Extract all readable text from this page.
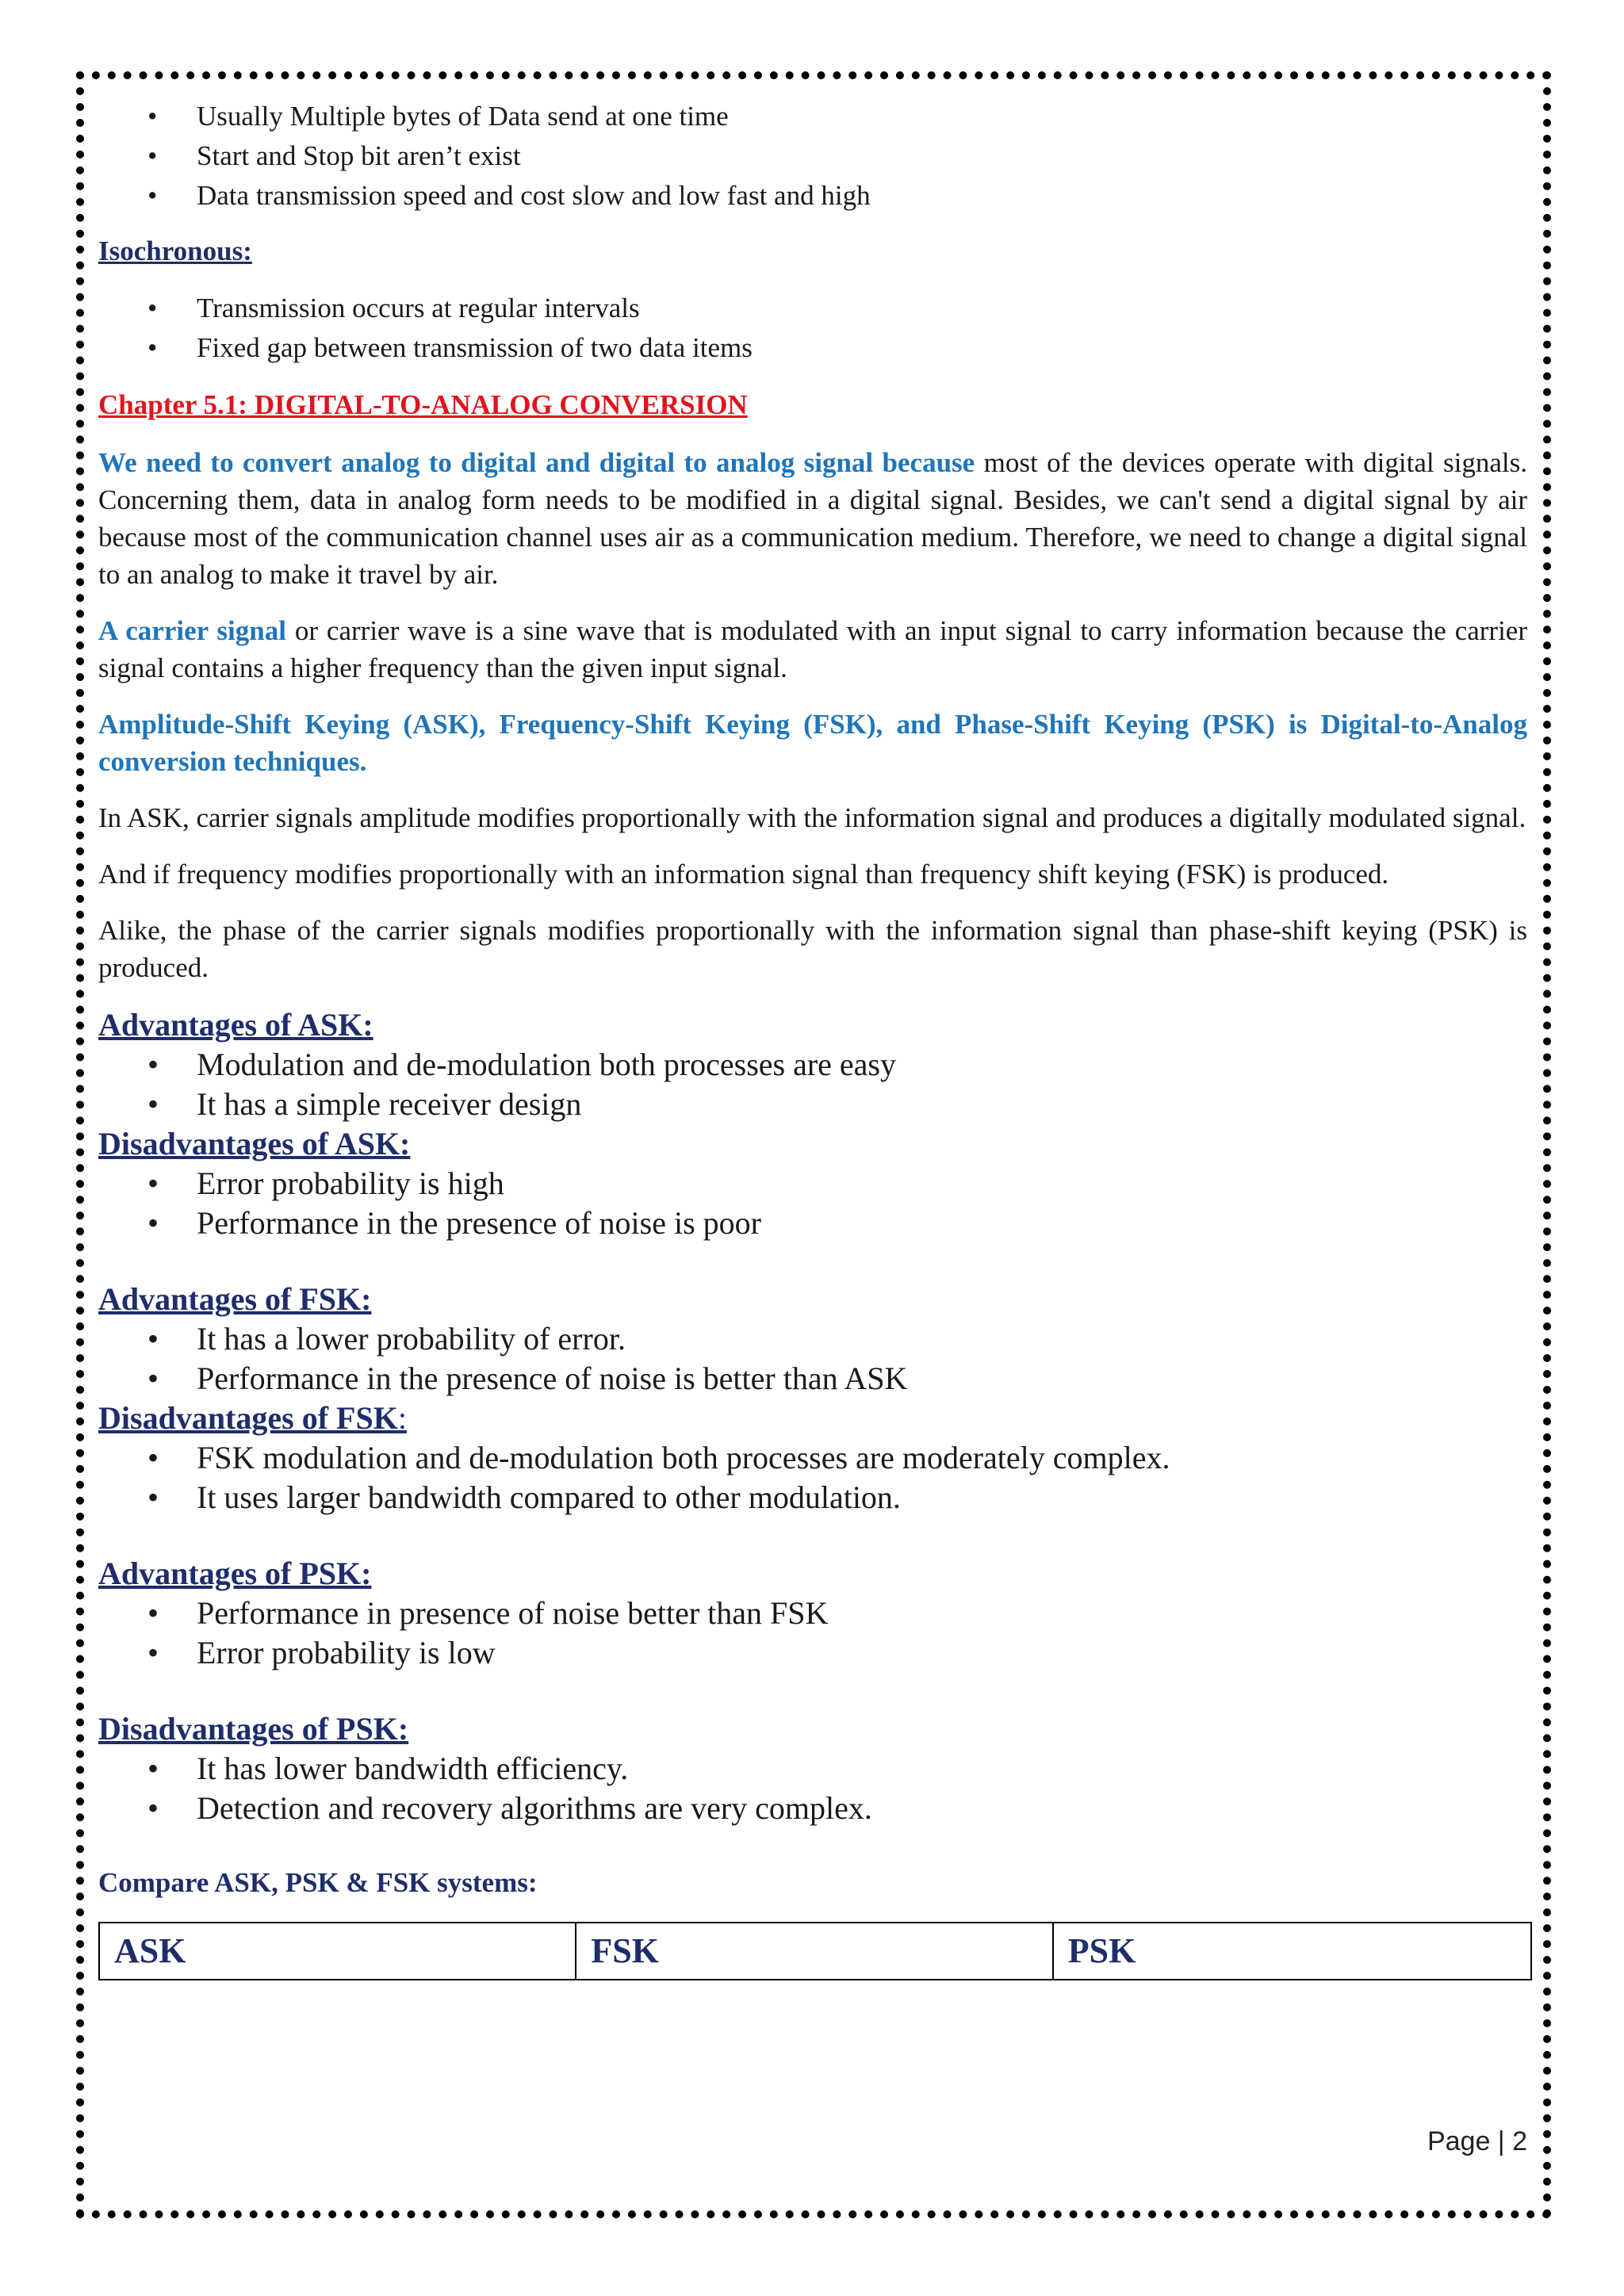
• Usually Multiple bytes of Data send at one time
• Start and Stop bit aren’t exist
• Data transmission speed and cost slow and low fast and high
Isochronous:
• Transmission occurs at regular intervals
• Fixed gap between transmission of two data items
Chapter 5.1: DIGITAL-TO-ANALOG CONVERSION

We need to convert analog to digital and digital to analog signal because most of the devices operate with digital signals. Concerning them, data in analog form needs to be modified in a digital signal. Besides, we can't send a digital signal by air because most of the communication channel uses air as a communication medium. Therefore, we need to change a digital signal to an analog to make it travel by air.

A carrier signal or carrier wave is a sine wave that is modulated with an input signal to carry information because the carrier signal contains a higher frequency than the given input signal.

Amplitude-Shift Keying (ASK), Frequency-Shift Keying (FSK), and Phase-Shift Keying (PSK) is Digital-to-Analog conversion techniques.

In ASK, carrier signals amplitude modifies proportionally with the information signal and produces a digitally modulated signal.

And if frequency modifies proportionally with an information signal than frequency shift keying (FSK) is produced.

Alike, the phase of the carrier signals modifies proportionally with the information signal than phase-shift keying (PSK) is produced.

Advantages of ASK:
• Modulation and de-modulation both processes are easy
• It has a simple receiver design
Disadvantages of ASK:
• Error probability is high
• Performance in the presence of noise is poor
Advantages of FSK:
• It has a lower probability of error.
• Performance in the presence of noise is better than ASK
Disadvantages of FSK:
• FSK modulation and de-modulation both processes are moderately complex.
• It uses larger bandwidth compared to other modulation.
Advantages of PSK:
• Performance in presence of noise better than FSK
• Error probability is low
Disadvantages of PSK:
• It has lower bandwidth efficiency.
• Detection and recovery algorithms are very complex.
Compare ASK, PSK & FSK systems:
ASK	FSK	PSK
Page | 2
